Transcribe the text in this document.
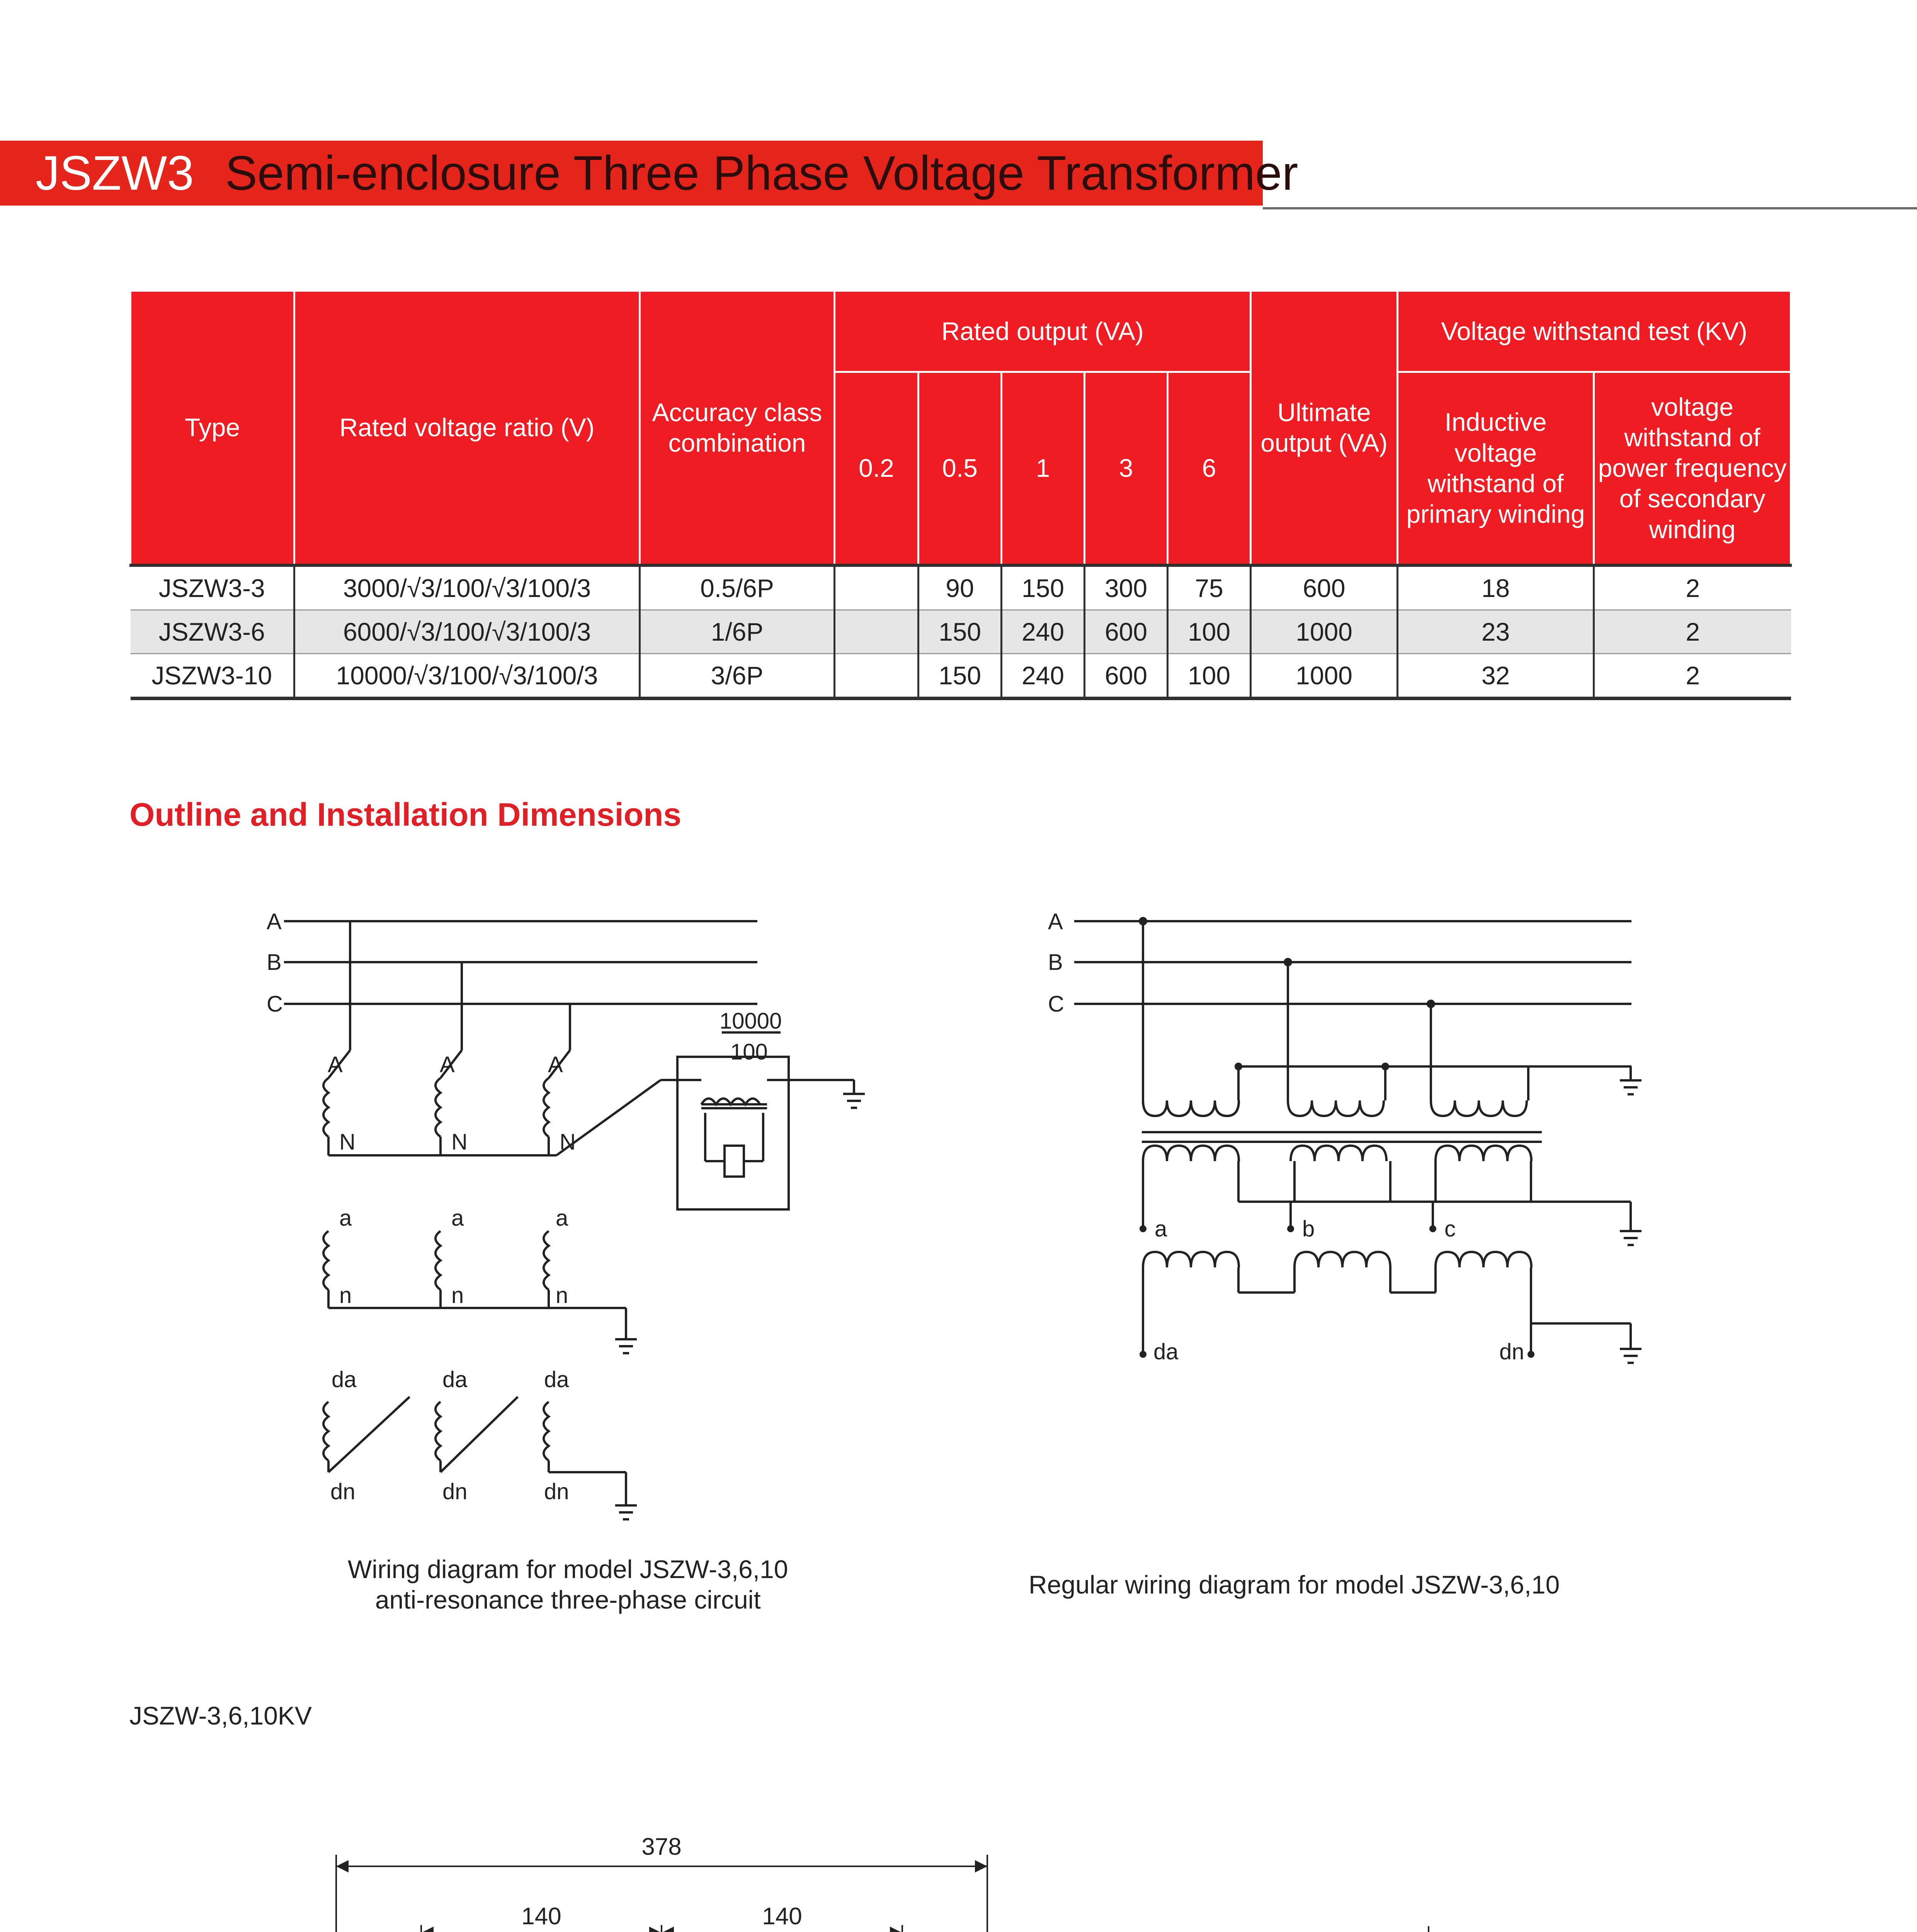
JSZW3 Semi-enclosure Three Phase Voltage Transformer
Type	Rated voltage ratio (V)	Accuracy class combination	Rated output (VA)					Ultimate output (VA)	Voltage withstand test (KV)	
			0.2	0.5	1	3	6		Inductive voltage withstand of primary winding	voltage withstand of power frequency of secondary winding
JSZW3-3	3000/√3/100/√3/100/3	0.5/6P		90	150	300	75	600	18	2
JSZW3-6	6000/√3/100/√3/100/3	1/6P		150	240	600	100	1000	23	2
JSZW3-10	10000/√3/100/√3/100/3	3/6P		150	240	600	100	1000	32	2
Outline and Installation Dimensions
A
B
C
A	A	A
N	N	N
a	a	a
n	n	n
da	da	da
dn	dn	dn
10000
100
Wiring diagram for model JSZW-3,6,10
anti-resonance three-phase circuit
A
B
C
a	b	c
da	dn
Regular wiring diagram for model JSZW-3,6,10
JSZW-3,6,10KV
378
140	140
